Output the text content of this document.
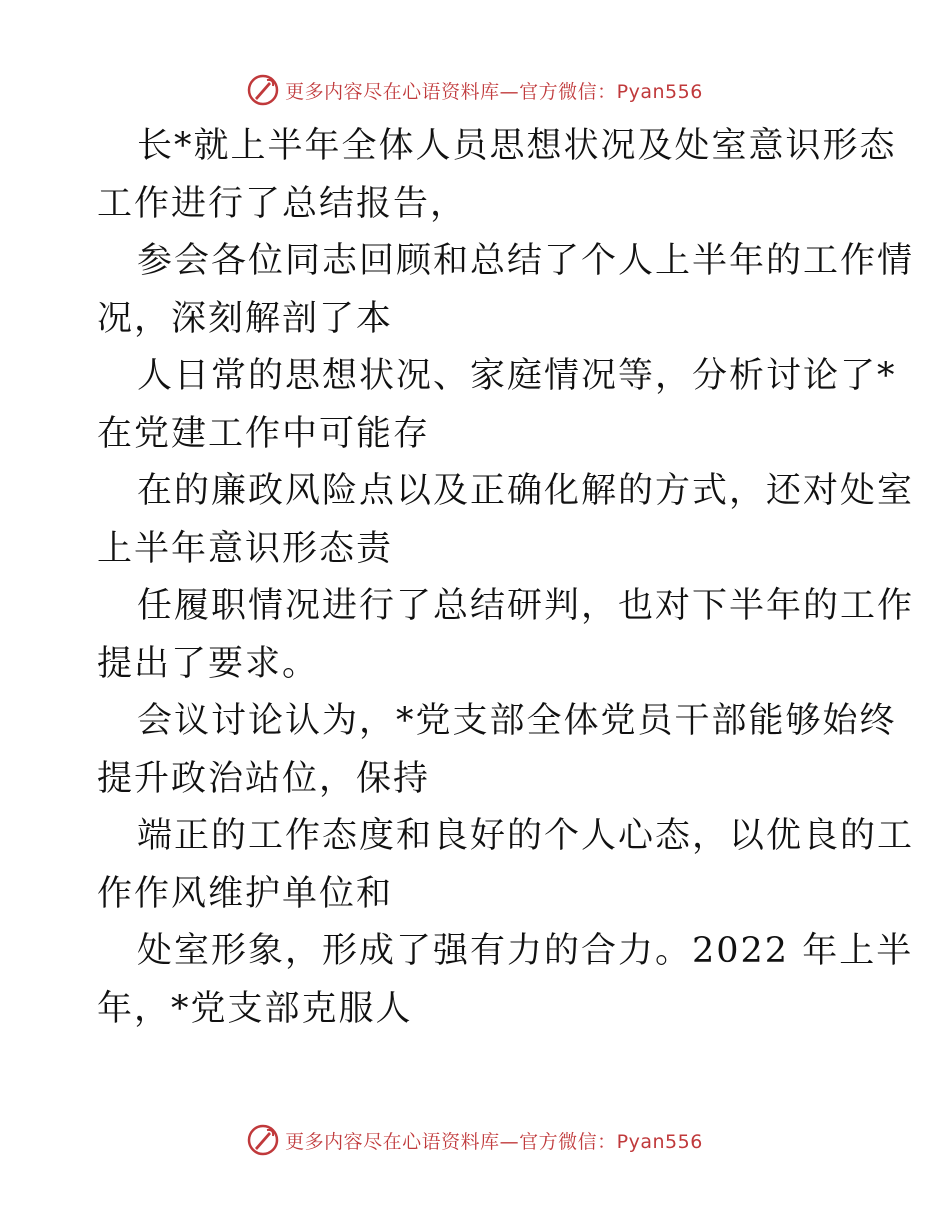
更多内容尽在心语资料库—官方微信：Pyan556
长*就上半年全体人员思想状况及处室意识形态
工作进行了总结报告，
参会各位同志回顾和总结了个人上半年的工作情
况，深刻解剖了本
人日常的思想状况、家庭情况等，分析讨论了*
在党建工作中可能存
在的廉政风险点以及正确化解的方式，还对处室
上半年意识形态责
任履职情况进行了总结研判，也对下半年的工作
提出了要求。
会议讨论认为，*党支部全体党员干部能够始终
提升政治站位，保持
端正的工作态度和良好的个人心态，以优良的工
作作风维护单位和
处室形象，形成了强有力的合力。2022 年上半
年，*党支部克服人
更多内容尽在心语资料库—官方微信：Pyan556
